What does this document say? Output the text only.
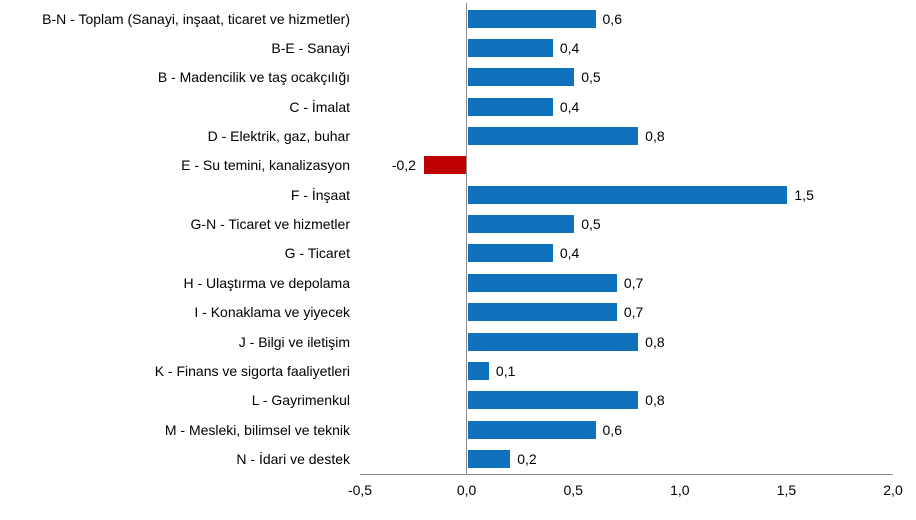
B-N - Toplam (Sanayi, inşaat, ticaret ve hizmetler)	0,6
B-E - Sanayi	0,4
B - Madencilik ve taş ocakçılığı	0,5
C - İmalat	0,4
D - Elektrik, gaz, buhar	0,8
E - Su temini, kanalizasyon	-0,2
F - İnşaat	1,5
G-N - Ticaret ve hizmetler	0,5
G - Ticaret	0,4
H - Ulaştırma ve depolama	0,7
I - Konaklama ve yiyecek	0,7
J - Bilgi ve iletişim	0,8
K - Finans ve sigorta faaliyetleri	0,1
L - Gayrimenkul	0,8
M - Mesleki, bilimsel ve teknik	0,6
N - İdari ve destek	0,2
-0,5	0,0	0,5	1,0	1,5	2,0
